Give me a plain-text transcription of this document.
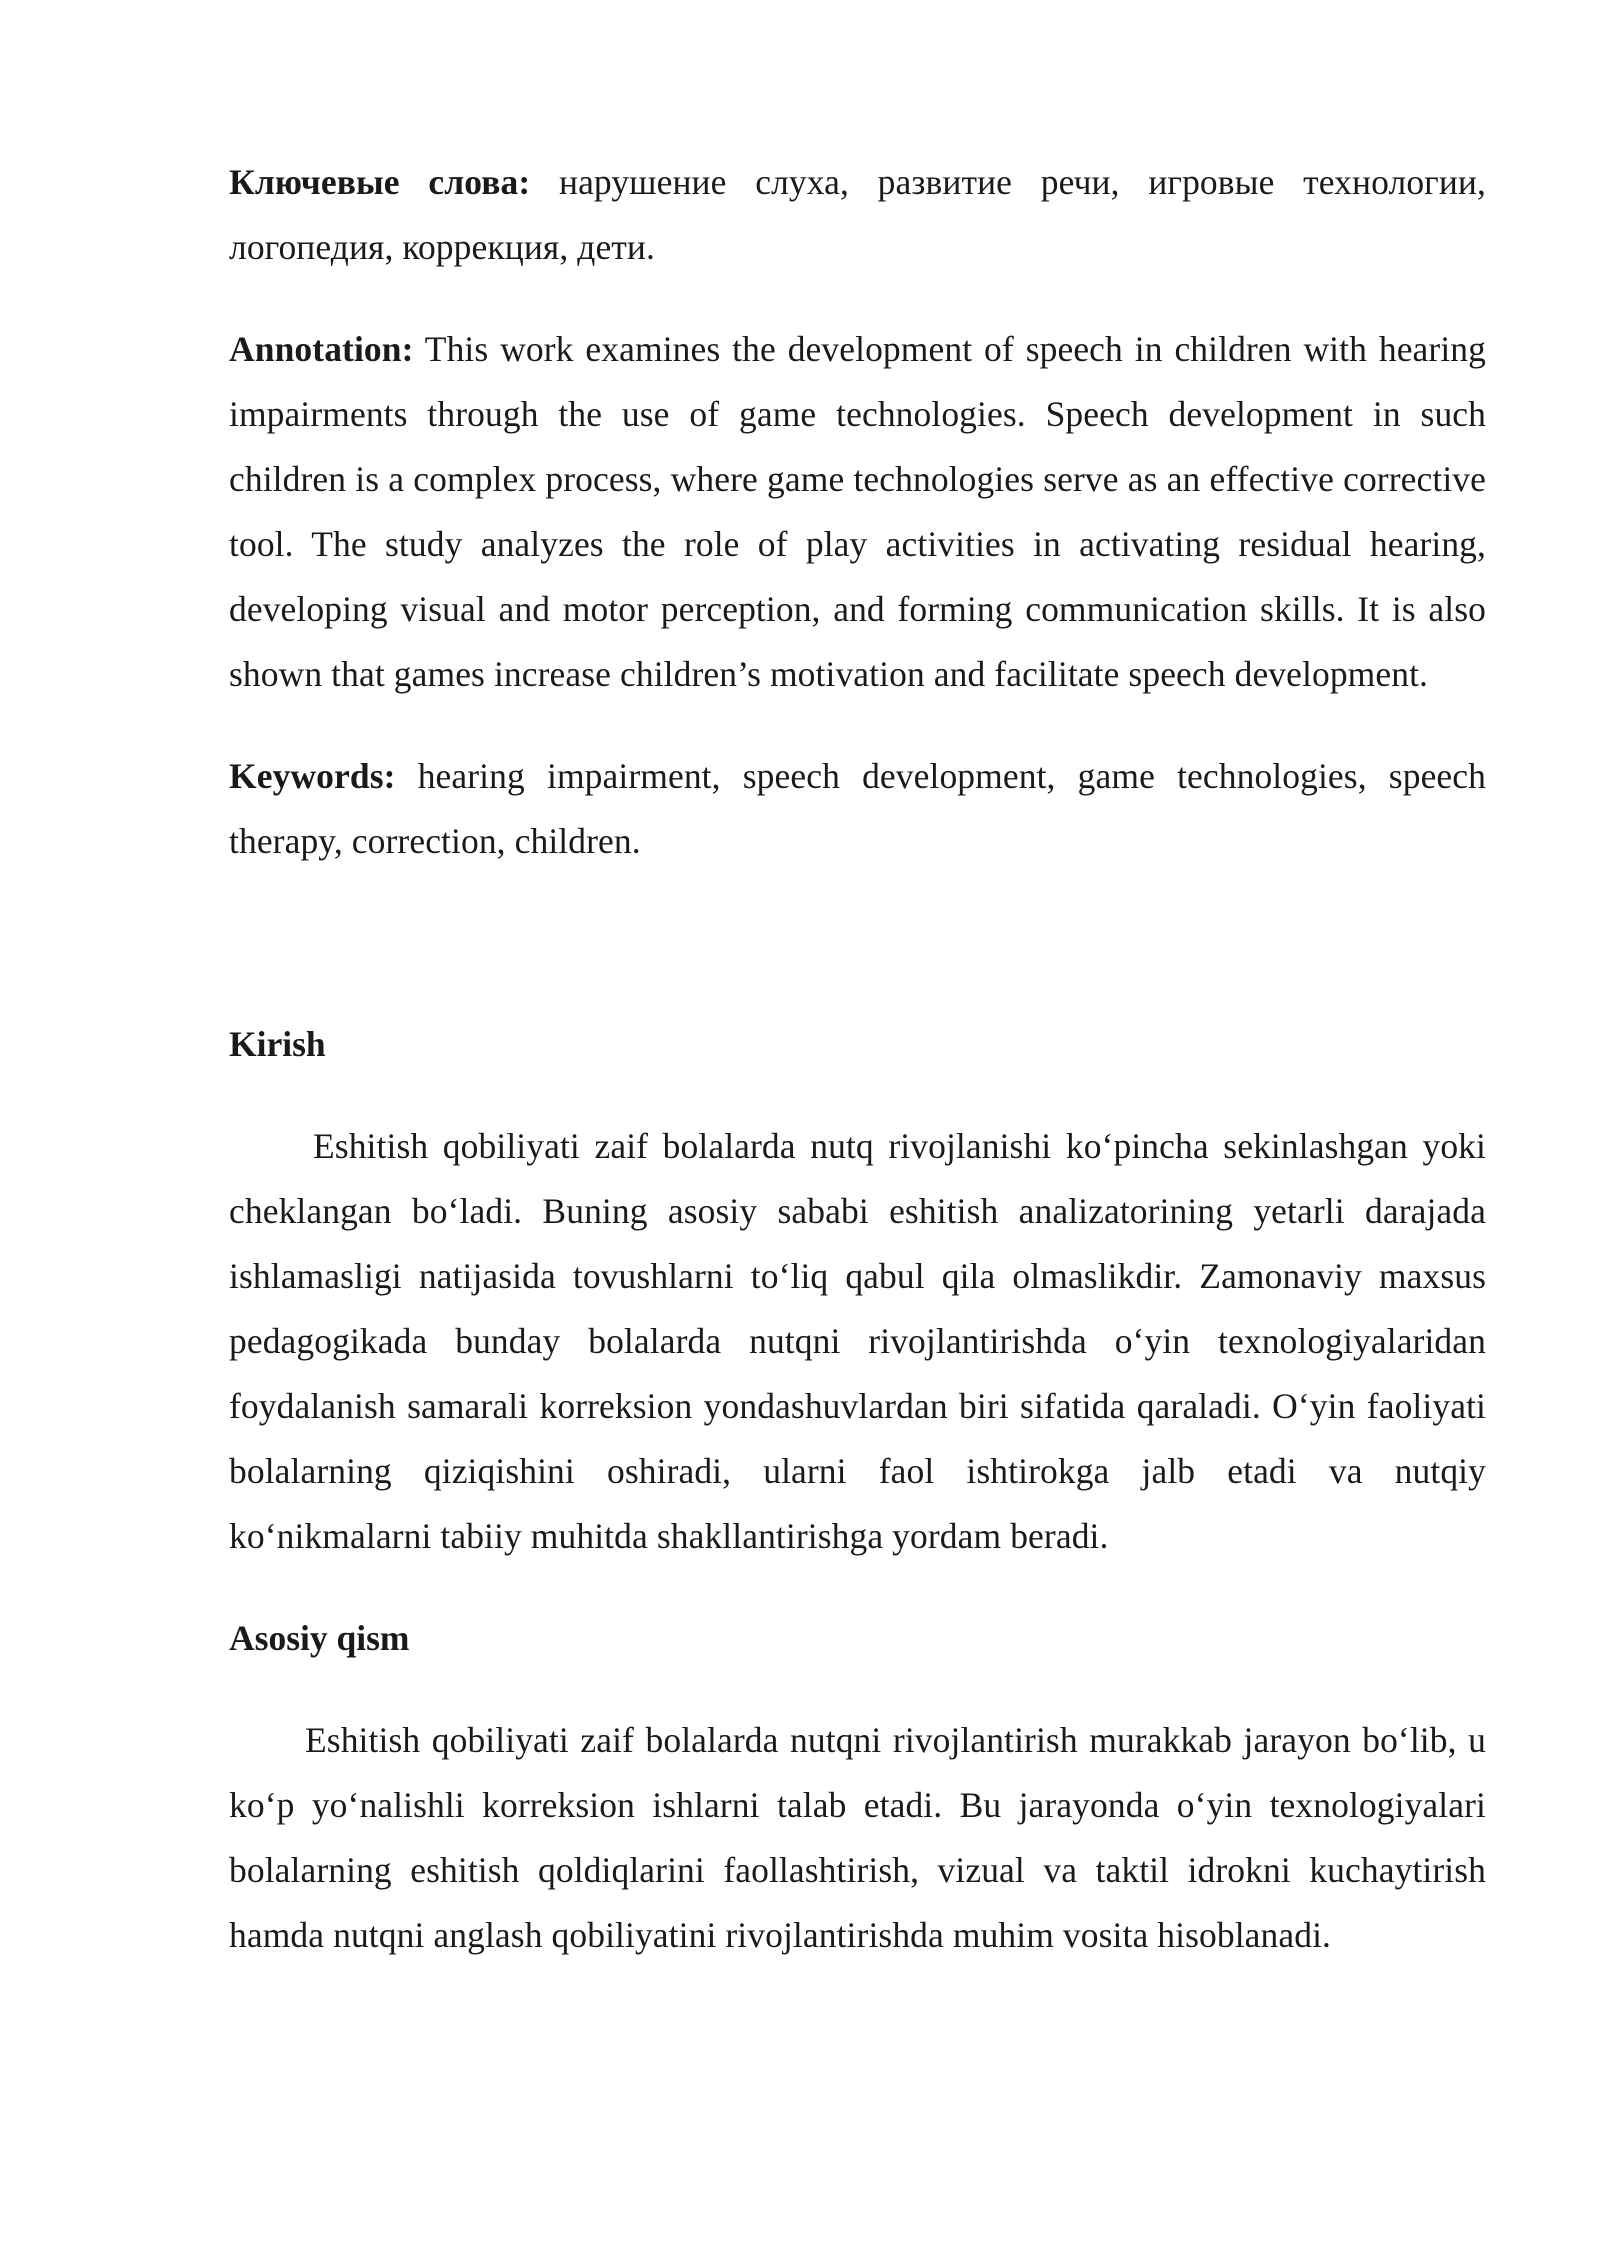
Ключевые слова: нарушение слуха, развитие речи, игровые технологии, логопедия, коррекция, дети.

Annotation: This work examines the development of speech in children with hearing impairments through the use of game technologies. Speech development in such children is a complex process, where game technologies serve as an effective corrective tool. The study analyzes the role of play activities in activating residual hearing, developing visual and motor perception, and forming communication skills. It is also shown that games increase children’s motivation and facilitate speech development.

Keywords: hearing impairment, speech development, game technologies, speech therapy, correction, children.

Kirish

Eshitish qobiliyati zaif bolalarda nutq rivojlanishi ko‘pincha sekinlashgan yoki cheklangan bo‘ladi. Buning asosiy sababi eshitish analizatorining yetarli darajada ishlamasligi natijasida tovushlarni to‘liq qabul qila olmaslikdir. Zamonaviy maxsus pedagogikada bunday bolalarda nutqni rivojlantirishda o‘yin texnologiyalaridan foydalanish samarali korreksion yondashuvlardan biri sifatida qaraladi. O‘yin faoliyati bolalarning qiziqishini oshiradi, ularni faol ishtirokga jalb etadi va nutqiy ko‘nikmalarni tabiiy muhitda shakllantirishga yordam beradi.

Asosiy qism

Eshitish qobiliyati zaif bolalarda nutqni rivojlantirish murakkab jarayon bo‘lib, u ko‘p yo‘nalishli korreksion ishlarni talab etadi. Bu jarayonda o‘yin texnologiyalari bolalarning eshitish qoldiqlarini faollashtirish, vizual va taktil idrokni kuchaytirish hamda nutqni anglash qobiliyatini rivojlantirishda muhim vosita hisoblanadi.
